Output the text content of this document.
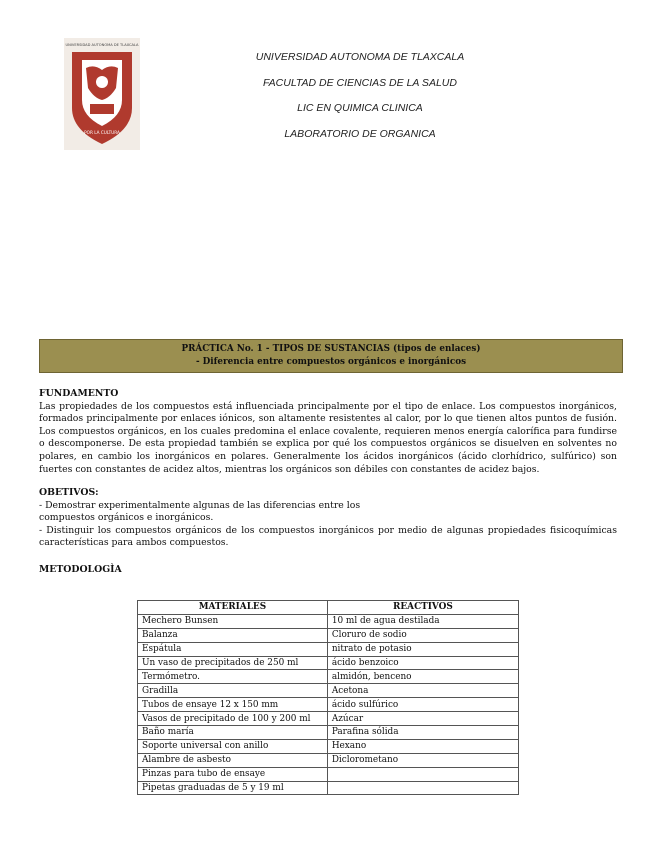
UNIVERSIDAD AUTONOMA DE TLAXCALA
POR LA CULTURA
UNIVERSIDAD AUTONOMA DE TLAXCALA
FACULTAD DE CIENCIAS DE LA SALUD
LIC EN QUIMICA CLINICA
LABORATORIO DE ORGANICA
PRÁCTICA No. 1 - TIPOS DE SUSTANCIAS (tipos de enlaces)
- Diferencia entre compuestos orgánicos e inorgánicos
FUNDAMENTO
Las propiedades de los compuestos está influenciada principalmente por el tipo de enlace. Los compuestos inorgánicos, formados principalmente por enlaces iónicos, son altamente resistentes al calor, por lo que tienen altos puntos de fusión. Los compuestos orgánicos, en los cuales predomina el enlace covalente, requieren menos energía calorífica para fundirse o descomponerse. De esta propiedad también se explica por qué los compuestos orgánicos se disuelven en solventes no polares, en cambio los inorgánicos en polares. Generalmente los ácidos inorgánicos (ácido clorhídrico, sulfúrico) son fuertes con constantes de acidez altos, mientras los orgánicos son débiles con constantes de acidez bajos.
OBETIVOS:

- Demostrar experimentalmente algunas de las diferencias entre los

compuestos orgánicos e inorgánicos.

- Distinguir los compuestos orgánicos de los compuestos inorgánicos por medio de algunas propiedades fisicoquímicas características para ambos compuestos.

METODOLOGÌA
MATERIALES	REACTIVOS
Mechero Bunsen	10 ml de agua destilada
Balanza	Cloruro de sodio
Espátula	nitrato de potasio
Un vaso de precipitados de 250 ml	ácido benzoico
Termómetro.	almidón, benceno
Gradilla	Acetona
Tubos de ensaye 12 x 150 mm	ácido sulfúrico
Vasos de precipitado de 100 y 200 ml	Azúcar
Baño maría	Parafina sólida
Soporte universal con anillo	Hexano
Alambre de asbesto	Diclorometano
Pinzas para tubo de ensaye	
Pipetas graduadas de 5 y 19 ml	
